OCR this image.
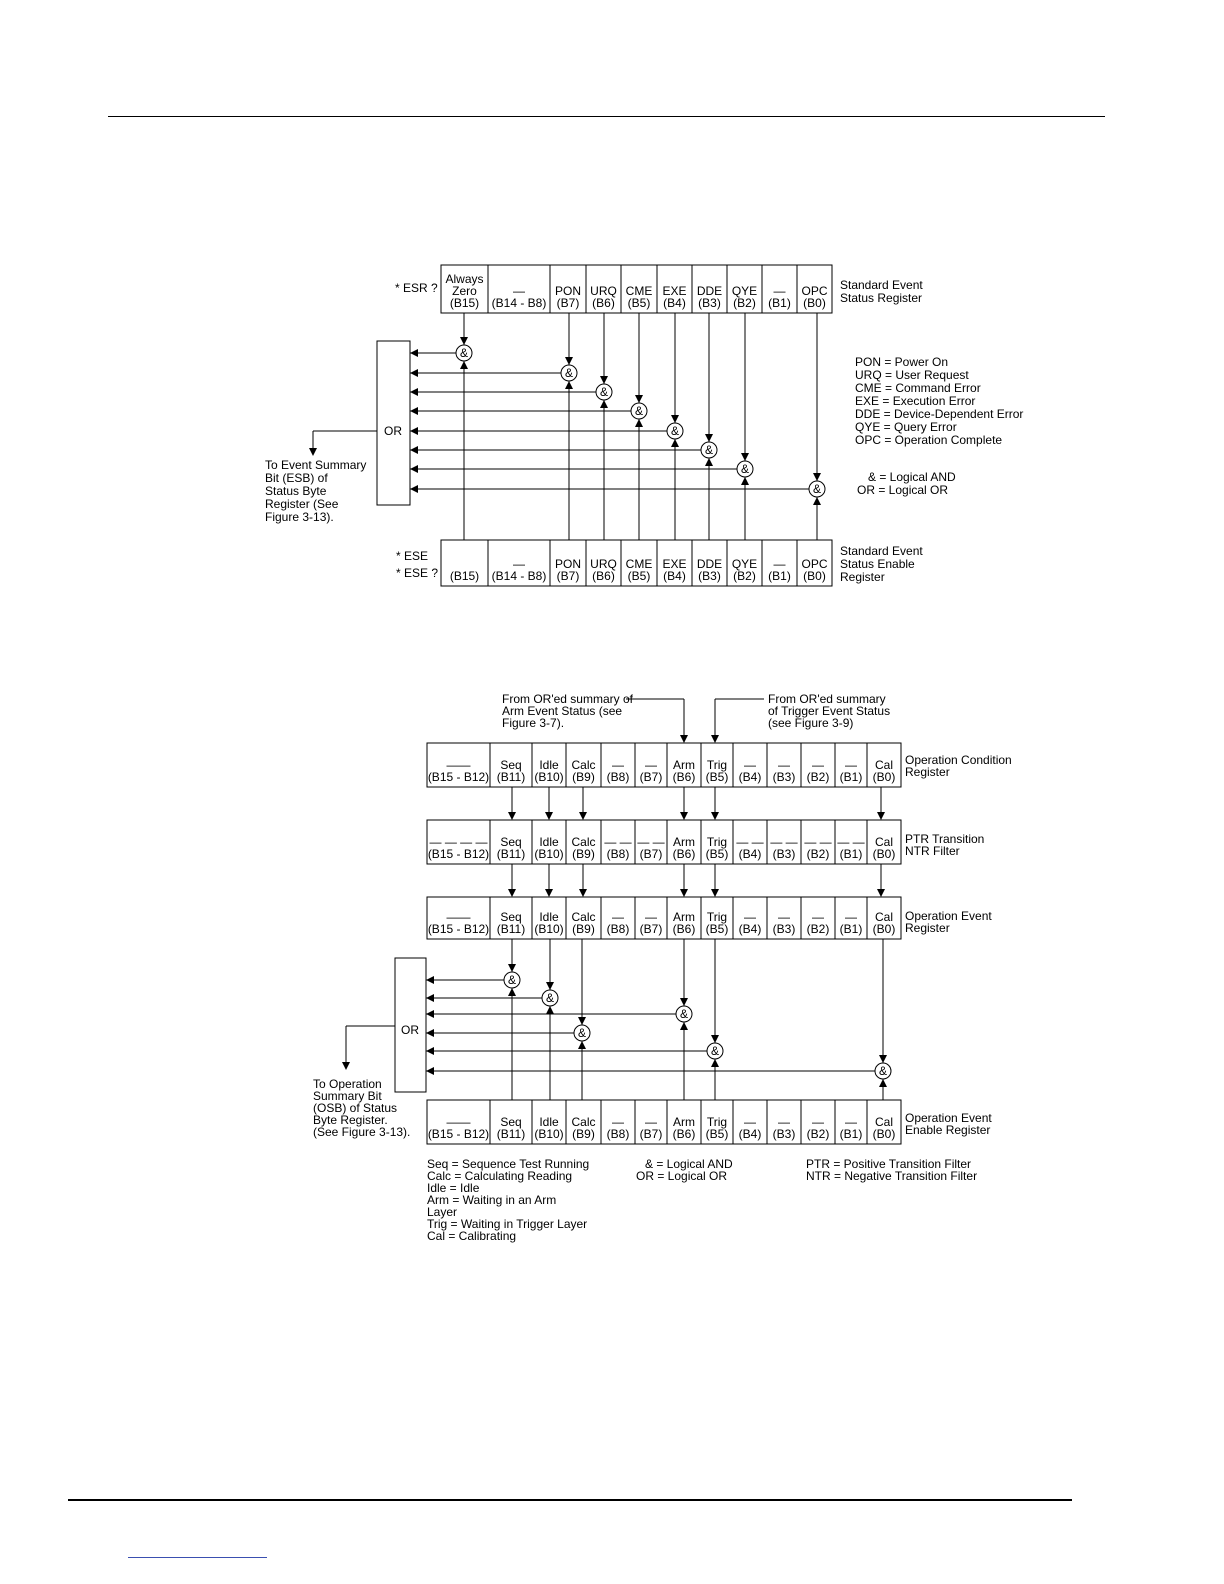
Always
Zero
(B15)
—
(B14 - B8)
PON
(B7)
URQ
(B6)
CME
(B5)
EXE
(B4)
DDE
(B3)
QYE
(B2)
—
(B1)
OPC
(B0)
(B15)
—
(B14 - B8)
PON
(B7)
URQ
(B6)
CME
(B5)
EXE
(B4)
DDE
(B3)
QYE
(B2)
—
(B1)
OPC
(B0)
* ESR ?
* ESE
* ESE ?
Standard Event
Status Register
Standard Event
Status Enable
Register
OR
To Event Summary
Bit (ESB) of
Status Byte
Register (See
Figure 3-13).
&
&
&
&
&
&
&
&
PON = Power On
URQ = User Request
CME = Command Error
EXE = Execution Error
DDE = Device-Dependent Error
QYE = Query Error
OPC = Operation Complete
& = Logical AND
OR = Logical OR
——
(B15 - B12)
Seq
(B11)
Idle
(B10)
Calc
(B9)
—
(B8)
—
(B7)
Arm
(B6)
Trig
(B5)
—
(B4)
—
(B3)
—
(B2)
—
(B1)
Cal
(B0)
— — — —
(B15 - B12)
Seq
(B11)
Idle
(B10)
Calc
(B9)
— —
(B8)
— —
(B7)
Arm
(B6)
Trig
(B5)
— —
(B4)
— —
(B3)
— —
(B2)
— —
(B1)
Cal
(B0)
——
(B15 - B12)
Seq
(B11)
Idle
(B10)
Calc
(B9)
—
(B8)
—
(B7)
Arm
(B6)
Trig
(B5)
—
(B4)
—
(B3)
—
(B2)
—
(B1)
Cal
(B0)
——
(B15 - B12)
Seq
(B11)
Idle
(B10)
Calc
(B9)
—
(B8)
—
(B7)
Arm
(B6)
Trig
(B5)
—
(B4)
—
(B3)
—
(B2)
—
(B1)
Cal
(B0)
Operation Condition
Register
PTR Transition
NTR Filter
Operation Event
Register
Operation Event
Enable Register
From OR'ed summary of
Arm Event Status (see
Figure 3-7).
From OR'ed summary
of Trigger Event Status
(see Figure 3-9)
OR
To Operation
Summary Bit
(OSB) of Status
Byte Register.
(See Figure 3-13).
&
&
&
&
&
&
Seq = Sequence Test Running
Calc = Calculating Reading
Idle = Idle
Arm = Waiting in an Arm
Layer
Trig = Waiting in Trigger Layer
Cal = Calibrating
& = Logical AND
OR = Logical OR
PTR = Positive Transition Filter
NTR = Negative Transition Filter
